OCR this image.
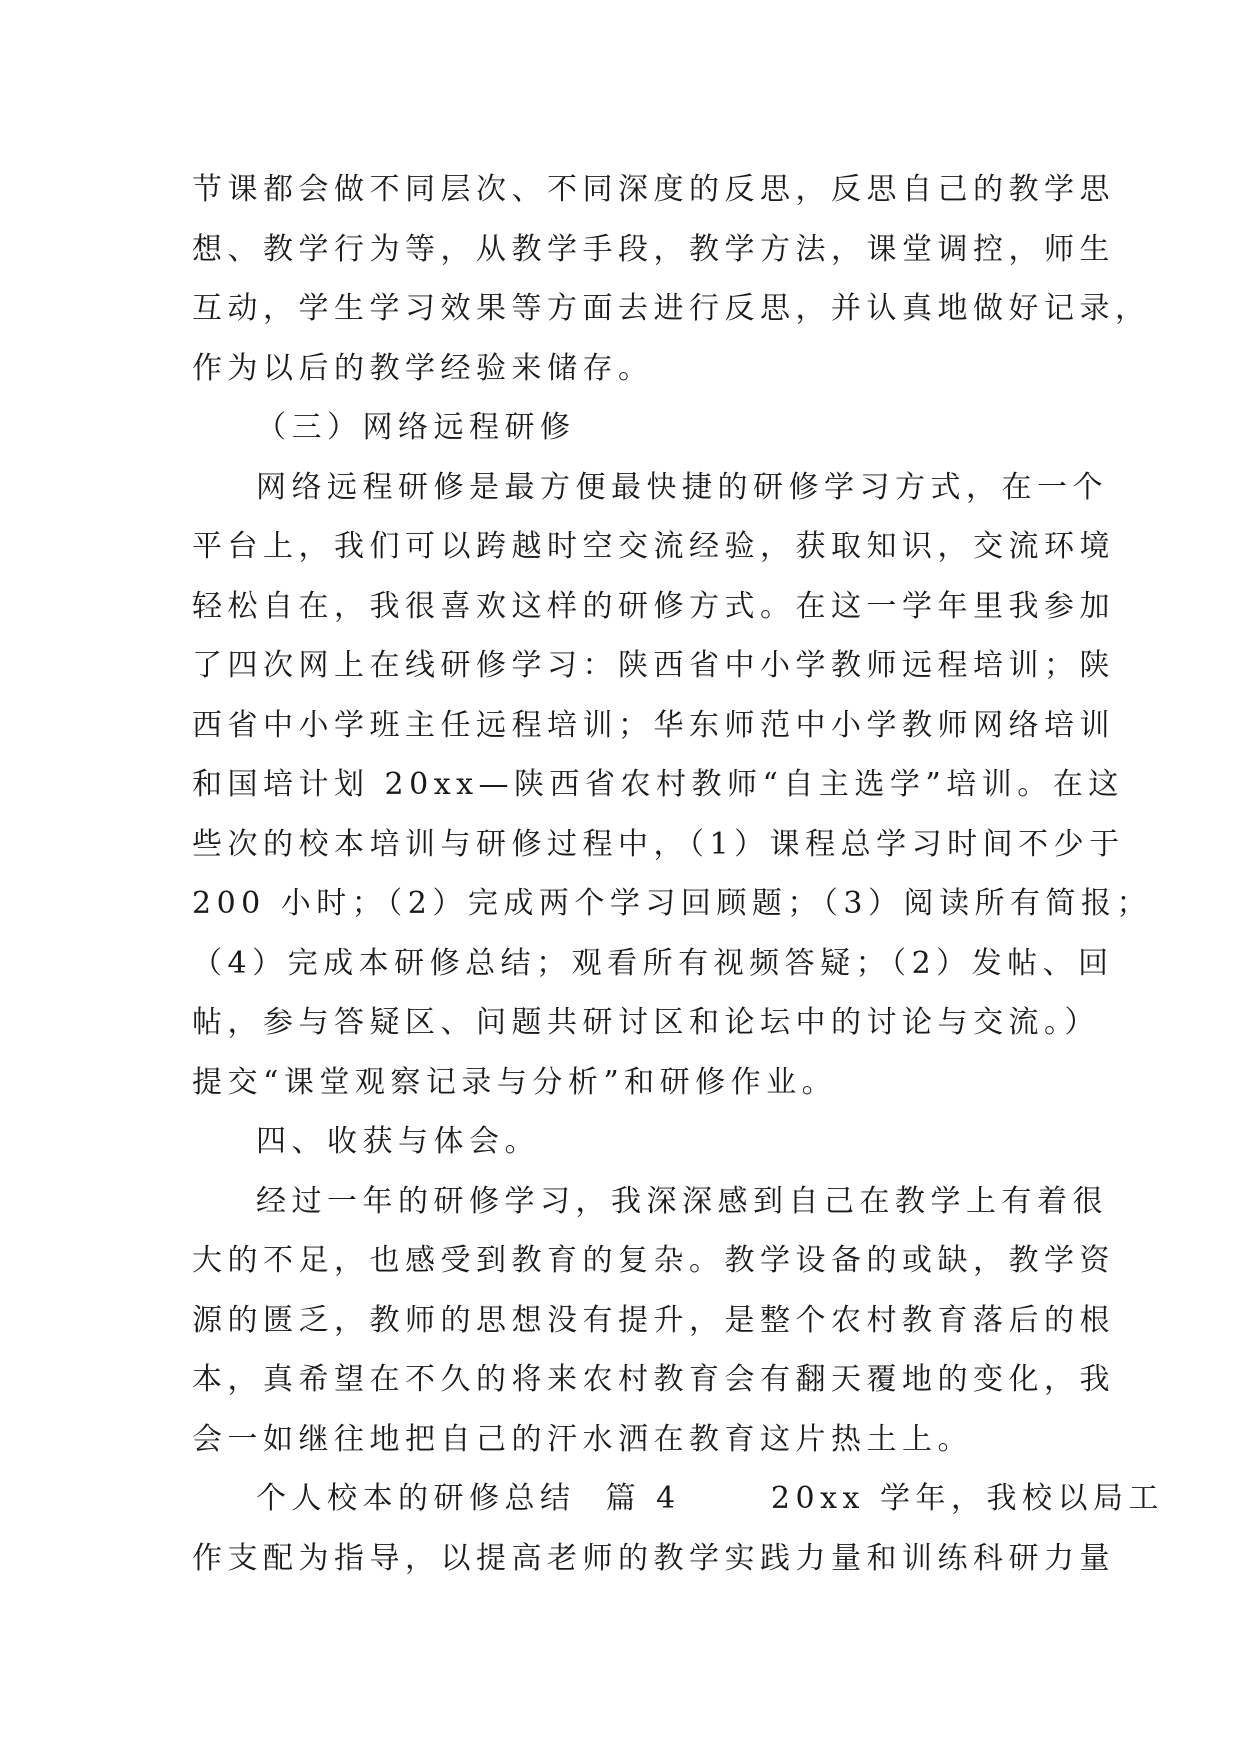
节课都会做不同层次、不同深度的反思，反思自己的教学思
想、教学行为等，从教学手段，教学方法，课堂调控，师生
互动，学生学习效果等方面去进行反思，并认真地做好记录，
作为以后的教学经验来储存。
（三）网络远程研修
网络远程研修是最方便最快捷的研修学习方式，在一个
平台上，我们可以跨越时空交流经验，获取知识，交流环境
轻松自在，我很喜欢这样的研修方式。在这一学年里我参加
了四次网上在线研修学习：陕西省中小学教师远程培训；陕
西省中小学班主任远程培训；华东师范中小学教师网络培训
和国培计划 20xx—陕西省农村教师“自主选学”培训。在这
些次的校本培训与研修过程中，（1）课程总学习时间不少于
200 小时；（2）完成两个学习回顾题；（3）阅读所有简报；
（4）完成本研修总结；观看所有视频答疑；（2）发帖、回
帖，参与答疑区、问题共研讨区和论坛中的讨论与交流。）
提交“课堂观察记录与分析”和研修作业。
四、收获与体会。
经过一年的研修学习，我深深感到自己在教学上有着很
大的不足，也感受到教育的复杂。教学设备的或缺，教学资
源的匮乏，教师的思想没有提升，是整个农村教育落后的根
本，真希望在不久的将来农村教育会有翻天覆地的变化，我
会一如继往地把自己的汗水洒在教育这片热土上。
个人校本的研修总结  篇 4      20xx 学年，我校以局工
作支配为指导，以提高老师的教学实践力量和训练科研力量
